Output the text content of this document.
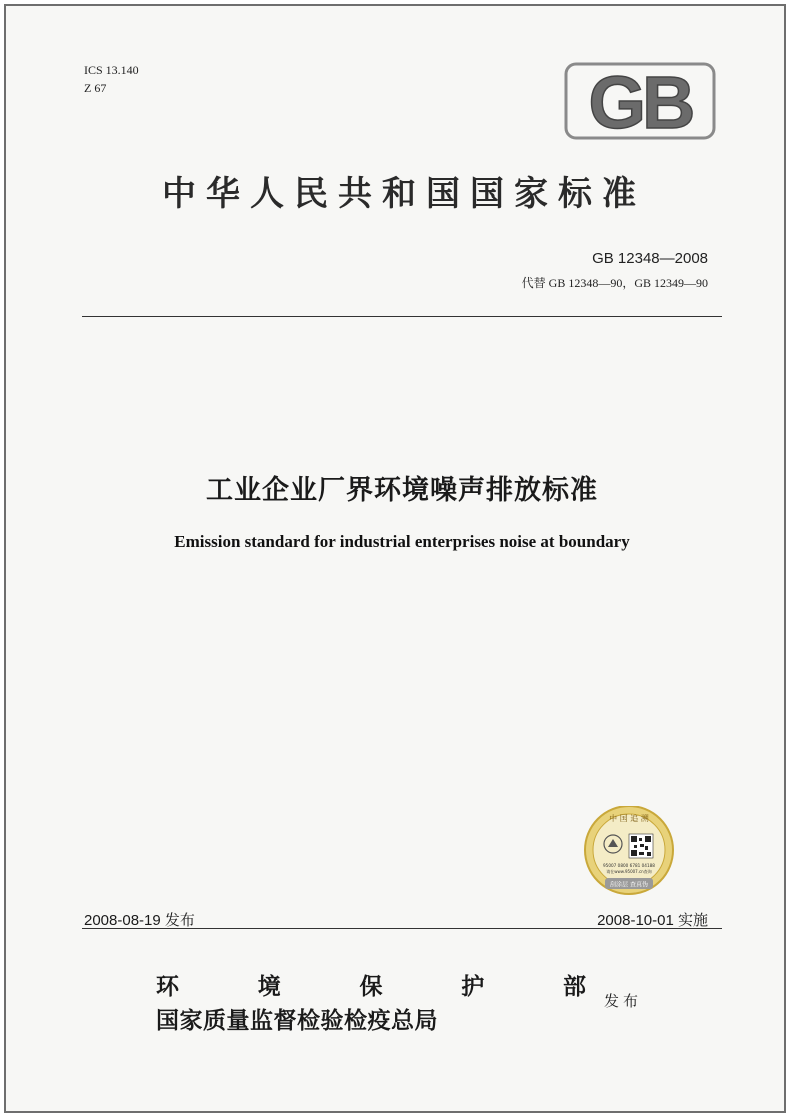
ICS 13.140
Z 67	GB
中华人民共和国国家标准
GB 12348—2008
代替 GB 12348—90，GB 12349—90
工业企业厂界环境噪声排放标准
Emission standard for industrial enterprises noise at boundary
中 国 追 溯
95007 0800 6781 04188
请在www.95007.cn查询
刮涂层 查真伪
2008-08-19 发布	2008-10-01 实施
环	境	保	护	部
国家质量监督检验检疫总局
发布
